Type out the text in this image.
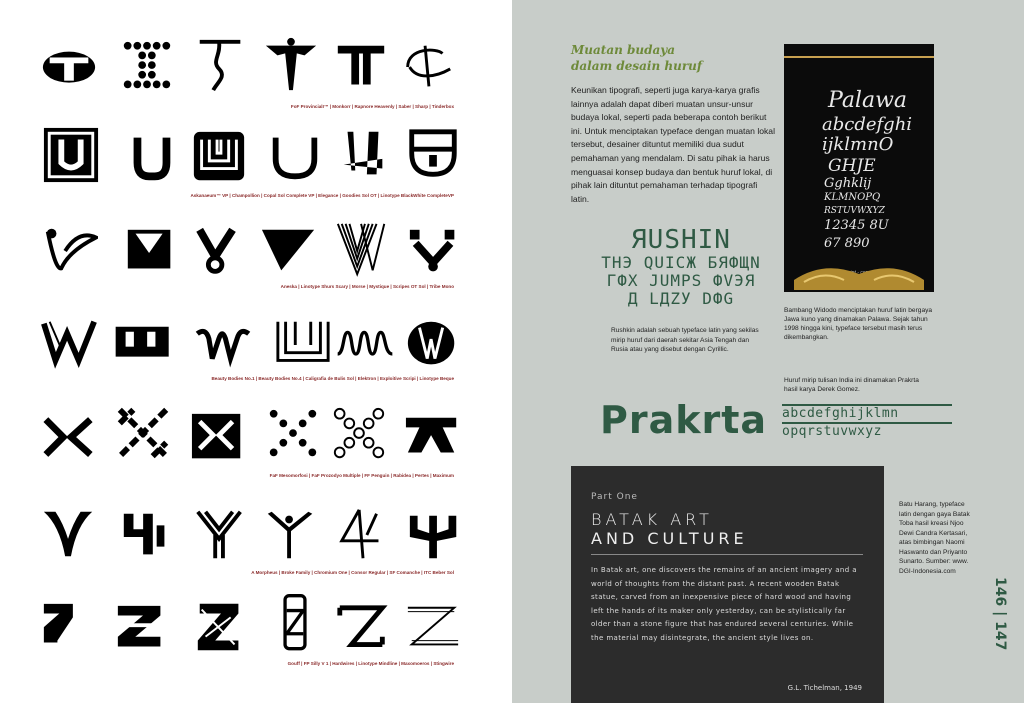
FoF ProvincialI™ | Monkorr | Rapnore Heavenly | Saber | Sharp | Tinderbox
Askanaeum™ VP | Champollion | Copal Sol Complete VP | Elegance | Goodies Sol OT | Linotype BlackWhite CompleteVP
Aneska | Linotype Shurs Scary | Morse | Mystique | Scripes OT Sol | Tribe Mono
Beauty Bodies No.1 | Beauty Bodies No.4 | Caligrafia de Bulis Sol | Elektron | Exploitive Scripi | Linotype Beque
FaF Mesomorfosi | FaF Prozodyo Multiple | FF Penguin | Rabidea | Pertes | Maximum
A Morpheus | Broke Family | Chromium One | Consor Regular | SF Comanche | ITC Beber Sol
Gouff | FP Silly V 1 | Hardwires | Linotype Mindline | Maxomoeros | Stingwire
Muatan budaya
dalam desain huruf
Keunikan tipografi, seperti juga karya-karya grafis lainnya adalah dapat diberi muatan unsur-unsur budaya lokal, seperti pada beberapa contoh berikut ini. Untuk menciptakan typeface dengan muatan lokal tersebut, desainer dituntut memiliki dua sudut pemahaman yang mendalam. Di satu pihak ia harus menguasai konsep budaya dan bentuk huruf lokal, di pihak lain dituntut pemahaman terhadap tipografi latin.
ЯUSHIN
THЭ QUICЖ БЯФЩN
ГФX JUMPS ФVЭЯ
Д LДZУ DФG
Rushkin adalah sebuah typeface latin yang sekilas mirip huruf dari daerah sekitar Asia Tengah dan Rusia atau yang disebut dengan Cyrillic.
Palawa
abcdefghi
ijklmnO
GHJE
Gghklij
KLMNOPQ
RSTUVWXYZ
12345 8U
67 890
Bambang Widodo menciptakan huruf latin bergaya Jawa kuno yang dinamakan Palawa. Sejak tahun 1998 hingga kini, typeface tersebut masih terus dikembangkan.
Huruf mirip tulisan India ini dinamakan Prakrta hasil karya Derek Gomez.
Prakrta abcdefghijklmn
opqrstuvwxyz
Part One
BATAK ART
AND CULTURE
In Batak art, one discovers the remains of an ancient imagery and a world of thoughts from the distant past. A recent wooden Batak statue, carved from an inexpensive piece of hard wood and having left the hands of its maker only yesterday, can be stylistically far older than a stone figure that has endured several centuries. While the material may disintegrate, the ancient style lives on.
G.L. Tichelman, 1949
Batu Harang, typeface latin dengan gaya Batak Toba hasil kreasi Njoo Dewi Candra Kertasari, atas bimbingan Naomi Haswanto dan Priyanto Sunarto. Sumber: www. DGI-Indonesia.com
146 | 147
